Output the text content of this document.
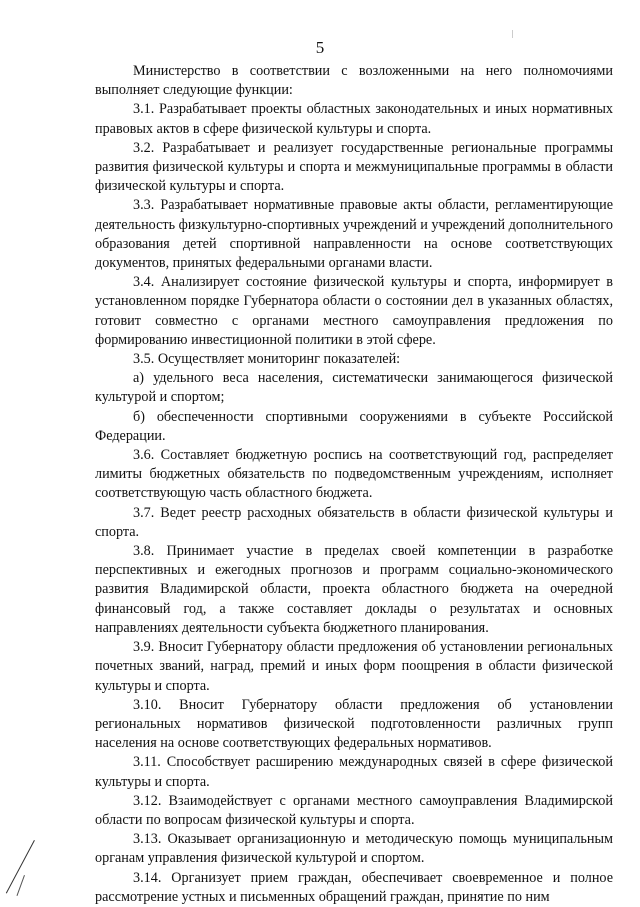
5

Министерство в соответствии с возложенными на него полномочиями выполняет следующие функции:

3.1. Разрабатывает проекты областных законодательных и иных нормативных правовых актов в сфере физической культуры и спорта.

3.2. Разрабатывает и реализует государственные региональные программы развития физической культуры и спорта и межмуниципальные программы в области физической культуры и спорта.

3.3. Разрабатывает нормативные правовые акты области, регламентирующие деятельность физкультурно-спортивных учреждений и учреждений дополнительного образования детей спортивной направленности на основе соответствующих документов, принятых федеральными органами власти.

3.4. Анализирует состояние физической культуры и спорта, информирует в установленном порядке Губернатора области о состоянии дел в указанных областях, готовит совместно с органами местного самоуправления предложения по формированию инвестиционной политики в этой сфере.

3.5. Осуществляет мониторинг показателей:

а) удельного веса населения, систематически занимающегося физической культурой и спортом;

б) обеспеченности спортивными сооружениями в субъекте Российской Федерации.

3.6. Составляет бюджетную роспись на соответствующий год, распределяет лимиты бюджетных обязательств по подведомственным учреждениям, исполняет соответствующую часть областного бюджета.

3.7. Ведет реестр расходных обязательств в области физической культуры и спорта.

3.8. Принимает участие в пределах своей компетенции в разработке перспективных и ежегодных прогнозов и программ социально-экономического развития Владимирской области, проекта областного бюджета на очередной финансовый год, а также составляет доклады о результатах и основных направлениях деятельности субъекта бюджетного планирования.

3.9. Вносит Губернатору области предложения об установлении региональных почетных званий, наград, премий и иных форм поощрения в области физической культуры и спорта.

3.10. Вносит Губернатору области предложения об установлении региональных нормативов физической подготовленности различных групп населения на основе соответствующих федеральных нормативов.

3.11. Способствует расширению международных связей в сфере физической культуры и спорта.

3.12. Взаимодействует с органами местного самоуправления Владимирской области по вопросам физической культуры и спорта.

3.13. Оказывает организационную и методическую помощь муниципальным органам управления физической культурой и спортом.

3.14. Организует прием граждан, обеспечивает своевременное и полное рассмотрение устных и письменных обращений граждан, принятие по ним
